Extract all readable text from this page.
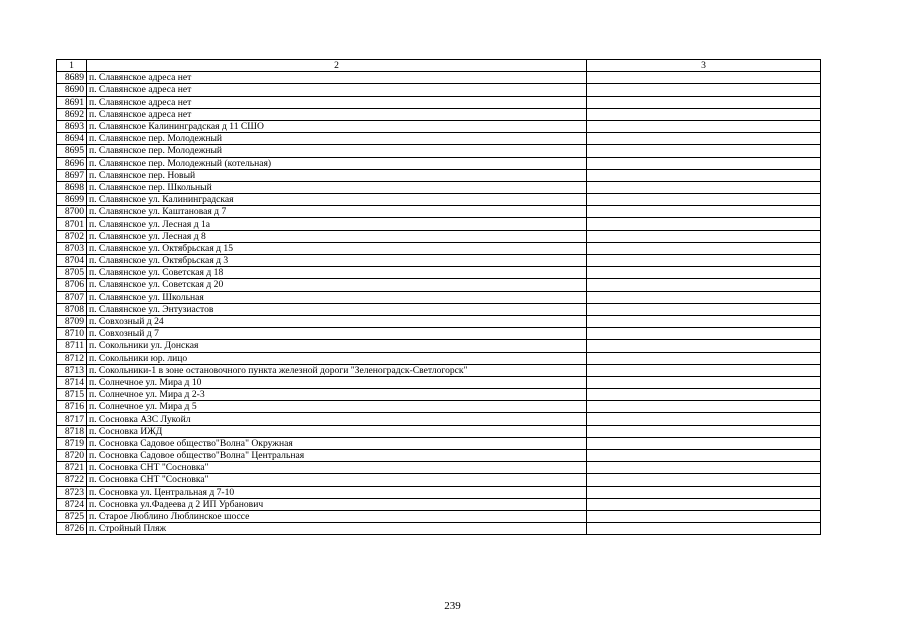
1	2	3
8689	п. Славянское адреса нет	
8690	п. Славянское адреса нет	
8691	п. Славянское адреса нет	
8692	п. Славянское адреса нет	
8693	п. Славянское Калининградская д 11 СШО	
8694	п. Славянское пер. Молодежный	
8695	п. Славянское пер. Молодежный	
8696	п. Славянское пер. Молодежный (котельная)	
8697	п. Славянское пер. Новый	
8698	п. Славянское пер. Школьный	
8699	п. Славянское ул. Калининградская	
8700	п. Славянское ул. Каштановая д 7	
8701	п. Славянское ул. Лесная д 1а	
8702	п. Славянское ул. Лесная д 8	
8703	п. Славянское ул. Октябрьская д 15	
8704	п. Славянское ул. Октябрьская д 3	
8705	п. Славянское ул. Советская д 18	
8706	п. Славянское ул. Советская д 20	
8707	п. Славянское ул. Школьная	
8708	п. Славянское ул. Энтузиастов	
8709	п. Совхозный д 24	
8710	п. Совхозный д 7	
8711	п. Сокольники ул. Донская	
8712	п. Сокольники юр. лицо	
8713	п. Сокольники-1 в зоне остановочного пункта железной дороги "Зеленоградск-Светлогорск"	
8714	п. Солнечное ул. Мира д 10	
8715	п. Солнечное ул. Мира д 2-3	
8716	п. Солнечное ул. Мира д 5	
8717	п. Сосновка АЗС Лукойл	
8718	п. Сосновка ИЖД	
8719	п. Сосновка Садовое общество"Волна" Окружная	
8720	п. Сосновка Садовое общество"Волна" Центральная	
8721	п. Сосновка СНТ "Сосновка"	
8722	п. Сосновка СНТ "Сосновка"	
8723	п. Сосновка ул. Центральная д 7-10	
8724	п. Сосновка ул.Фадеева д 2 ИП Урбанович	
8725	п. Старое Люблино Люблинское шоссе	
8726	п. Стройный Пляж	
239
